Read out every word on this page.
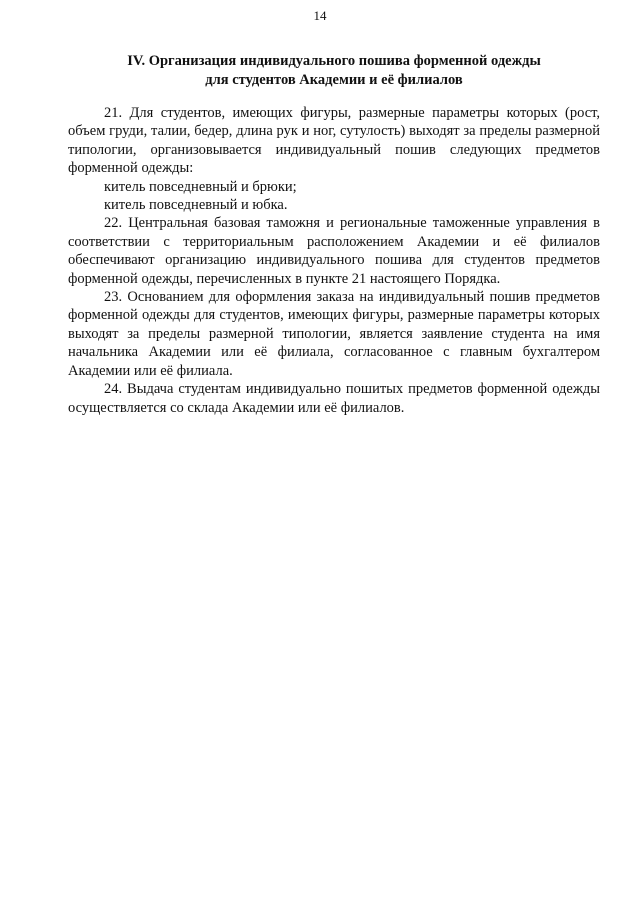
14
IV. Организация индивидуального пошива форменной одежды
для студентов Академии и её филиалов

21. Для студентов, имеющих фигуры, размерные параметры которых (рост, объем груди, талии, бедер, длина рук и ног, сутулость) выходят за пределы размерной типологии, организовывается индивидуальный пошив следующих предметов форменной одежды:

китель повседневный и брюки;

китель повседневный и юбка.

22. Центральная базовая таможня и региональные таможенные управления в соответствии с территориальным расположением Академии и её филиалов обеспечивают организацию индивидуального пошива для студентов предметов форменной одежды, перечисленных в пункте 21 настоящего Порядка.

23. Основанием для оформления заказа на индивидуальный пошив предметов форменной одежды для студентов, имеющих фигуры, размерные параметры которых выходят за пределы размерной типологии, является заявление студента на имя начальника Академии или её филиала, согласованное с главным бухгалтером Академии или её филиала.

24. Выдача студентам индивидуально пошитых предметов форменной одежды осуществляется со склада Академии или её филиалов.
